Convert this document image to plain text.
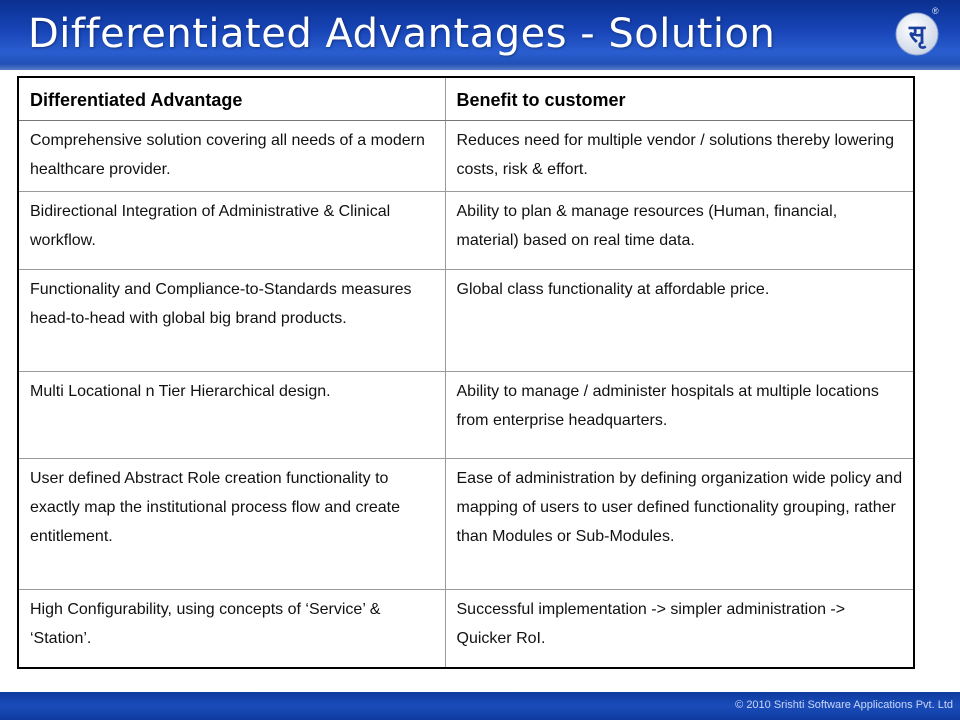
Differentiated Advantages - Solution	सृ
®
Differentiated Advantage	Benefit to customer
Comprehensive solution covering all needs of a modern healthcare provider.	Reduces need for multiple vendor / solutions thereby lowering costs, risk & effort.
Bidirectional Integration of Administrative & Clinical workflow.	Ability to plan & manage resources (Human, financial, material) based on real time data.
Functionality and Compliance-to-Standards measures head-to-head with global big brand products.	Global class functionality at affordable price.
Multi Locational n Tier Hierarchical design.	Ability to manage / administer hospitals at multiple locations from enterprise headquarters.
User defined Abstract Role creation functionality to exactly map the institutional process flow and create entitlement.	Ease of administration by defining organization wide policy and mapping of users to user defined functionality grouping, rather than Modules or Sub-Modules.
High Configurability, using concepts of ‘Service’ & ‘Station’.	Successful implementation -> simpler administration -> Quicker RoI.
© 2010 Srishti Software Applications Pvt. Ltd
